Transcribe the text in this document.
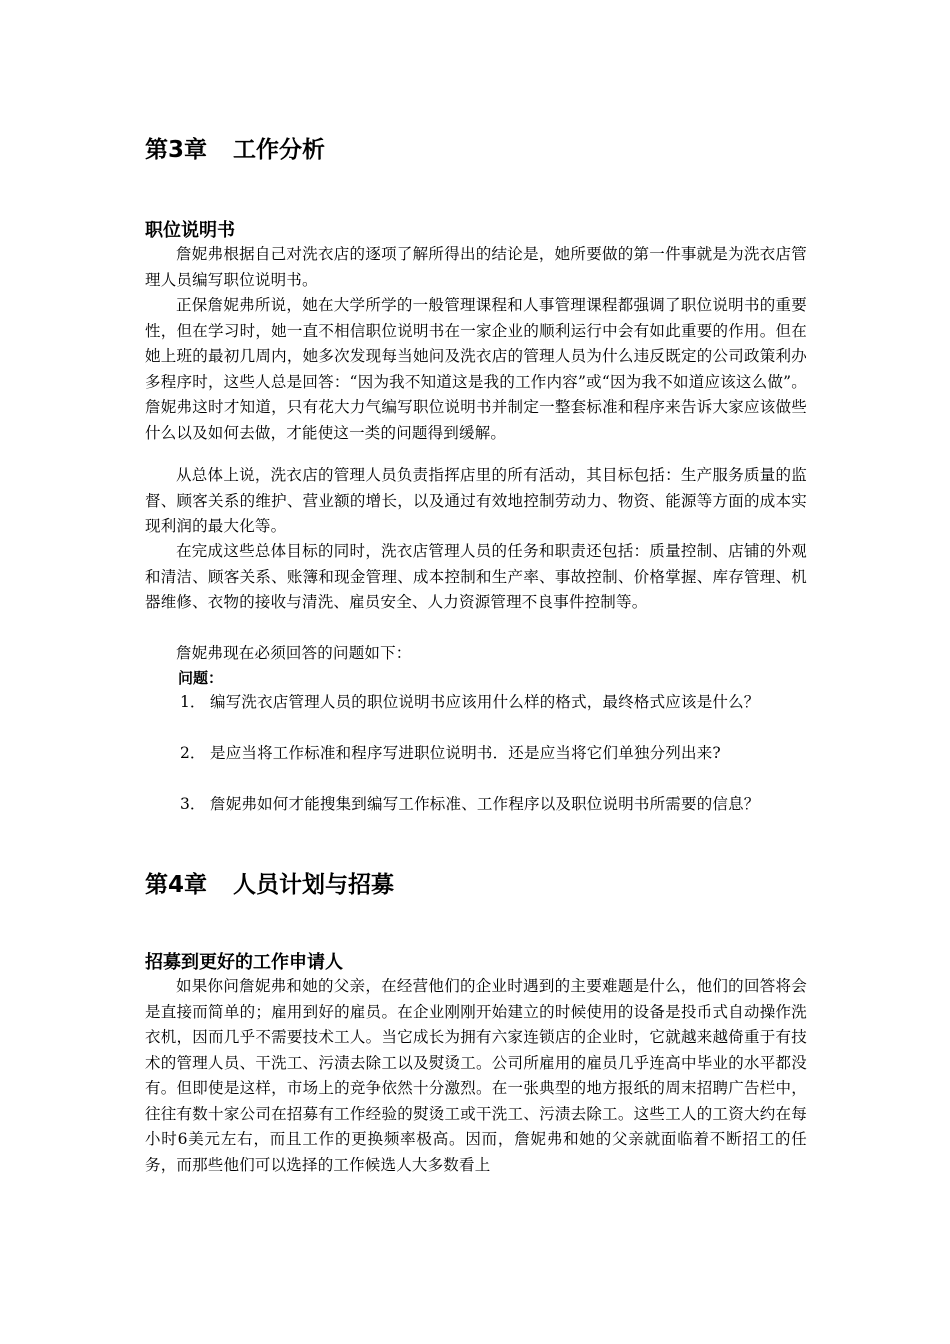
第3章 工作分析
职位说明书

詹妮弗根据自己对洗衣店的逐项了解所得出的结论是，她所要做的第一件事就是为洗衣店管理人员编写职位说明书。

正保詹妮弗所说，她在大学所学的一般管理课程和人事管理课程都强调了职位说明书的重要性，但在学习时，她一直不相信职位说明书在一家企业的顺利运行中会有如此重要的作用。但在她上班的最初几周内，她多次发现每当她问及洗衣店的管理人员为什么违反既定的公司政策利办多程序时，这些人总是回答：“因为我不知道这是我的工作内容”或“因为我不如道应该这么做”。詹妮弗这时才知道，只有花大力气编写职位说明书并制定一整套标准和程序来告诉大家应该做些什么以及如何去做，才能使这一类的问题得到缓解。

从总体上说，洗衣店的管理人员负责指挥店里的所有活动，其目标包括：生产服务质量的监督、顾客关系的维护、营业额的增长，以及通过有效地控制劳动力、物资、能源等方面的成本实现利润的最大化等。

在完成这些总体目标的同时，洗衣店管理人员的任务和职责还包括：质量控制、店铺的外观和清洁、顾客关系、账簿和现金管理、成本控制和生产率、事故控制、价格掌握、库存管理、机器维修、衣物的接收与清洗、雇员安全、人力资源管理不良事件控制等。

詹妮弗现在必须回答的问题如下：

问题：

1． 编写洗衣店管理人员的职位说明书应该用什么样的格式，最终格式应该是什么？

2． 是应当将工作标准和程序写进职位说明书．还是应当将它们单独分列出来?

3． 詹妮弗如何才能搜集到编写工作标准、工作程序以及职位说明书所需要的信息？

第4章 人员计划与招募
招募到更好的工作申请人

如果你问詹妮弗和她的父亲，在经营他们的企业时遇到的主要难题是什么，他们的回答将会是直接而简单的；雇用到好的雇员。在企业刚刚开始建立的时候使用的设备是投币式自动操作洗衣机，因而几乎不需要技术工人。当它成长为拥有六家连锁店的企业时，它就越来越倚重于有技术的管理人员、干洗工、污渍去除工以及熨烫工。公司所雇用的雇员几乎连高中毕业的水平都没有。但即使是这样，市场上的竞争依然十分激烈。在一张典型的地方报纸的周末招聘广告栏中，往往有数十家公司在招募有工作经验的熨烫工或干洗工、污渍去除工。这些工人的工资大约在每小时6美元左右，而且工作的更换频率极高。因而，詹妮弗和她的父亲就面临着不断招工的任务，而那些他们可以选择的工作候选人大多数看上
